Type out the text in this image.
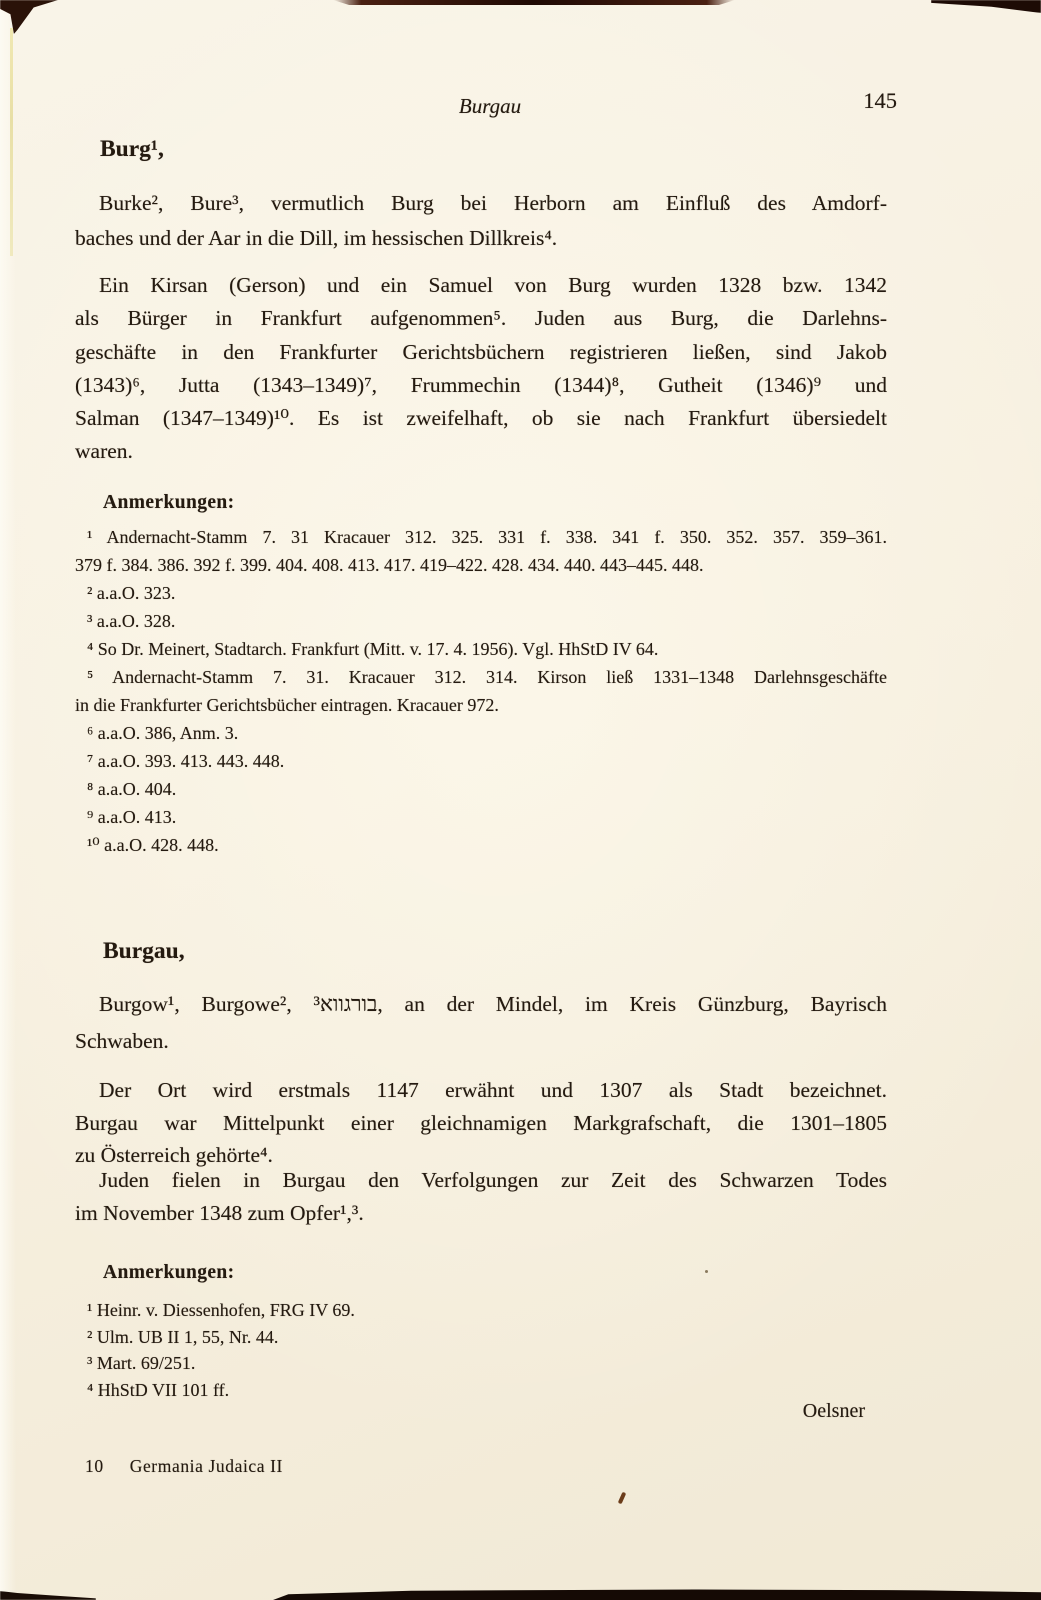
Burgau	145
Burg¹,
Burke², Bure³, vermutlich Burg bei Herborn am Einfluß des Amdorf-
baches und der Aar in die Dill, im hessischen Dillkreis⁴.
Ein Kirsan (Gerson) und ein Samuel von Burg wurden 1328 bzw. 1342
als Bürger in Frankfurt aufgenommen⁵. Juden aus Burg, die Darlehns-
geschäfte in den Frankfurter Gerichtsbüchern registrieren ließen, sind Jakob
(1343)⁶, Jutta (1343–1349)⁷, Frummechin (1344)⁸, Gutheit (1346)⁹ und
Salman (1347–1349)¹⁰. Es ist zweifelhaft, ob sie nach Frankfurt übersiedelt
waren.
Anmerkungen:
¹ Andernacht-Stamm 7. 31 Kracauer 312. 325. 331 f. 338. 341 f. 350. 352. 357. 359–361.
379 f. 384. 386. 392 f. 399. 404. 408. 413. 417. 419–422. 428. 434. 440. 443–445. 448.
² a.a.O. 323.
³ a.a.O. 328.
⁴ So Dr. Meinert, Stadtarch. Frankfurt (Mitt. v. 17. 4. 1956). Vgl. HhStD IV 64.
⁵ Andernacht-Stamm 7. 31. Kracauer 312. 314. Kirson ließ 1331–1348 Darlehnsgeschäfte
in die Frankfurter Gerichtsbücher eintragen. Kracauer 972.
⁶ a.a.O. 386, Anm. 3.
⁷ a.a.O. 393. 413. 443. 448.
⁸ a.a.O. 404.
⁹ a.a.O. 413.
¹⁰ a.a.O. 428. 448.
Burgau,
Burgow¹, Burgowe², בורגווא³, an der Mindel, im Kreis Günzburg, Bayrisch
Schwaben.
Der Ort wird erstmals 1147 erwähnt und 1307 als Stadt bezeichnet.
Burgau war Mittelpunkt einer gleichnamigen Markgrafschaft, die 1301–1805
zu Österreich gehörte⁴.
Juden fielen in Burgau den Verfolgungen zur Zeit des Schwarzen Todes
im November 1348 zum Opfer¹,³.
Anmerkungen:
¹ Heinr. v. Diessenhofen, FRG IV 69.
² Ulm. UB II 1, 55, Nr. 44.
³ Mart. 69/251.
⁴ HhStD VII 101 ff.
Oelsner
10 Germania Judaica II
